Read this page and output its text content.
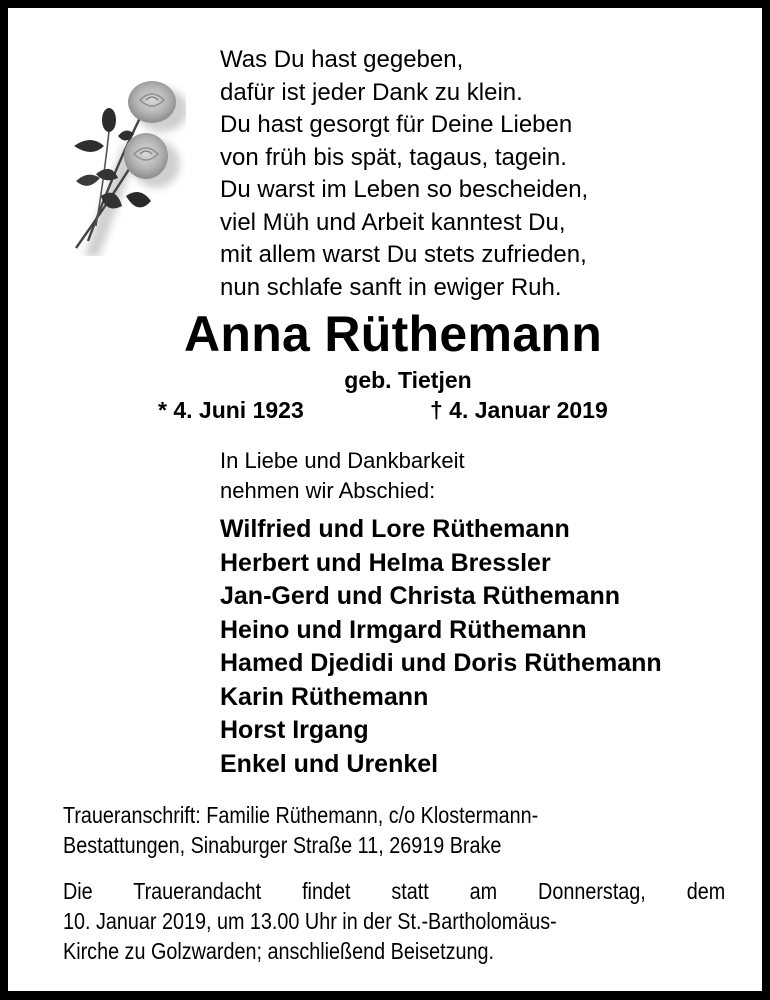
Was Du hast gegeben,
dafür ist jeder Dank zu klein.
Du hast gesorgt für Deine Lieben
von früh bis spät, tagaus, tagein.
Du warst im Leben so bescheiden,
viel Müh und Arbeit kanntest Du,
mit allem warst Du stets zufrieden,
nun schlafe sanft in ewiger Ruh.
Anna Rüthemann
geb. Tietjen
* 4. Juni 1923	† 4. Januar 2019
In Liebe und Dankbarkeit
nehmen wir Abschied:
Wilfried und Lore Rüthemann
Herbert und Helma Bressler
Jan-Gerd und Christa Rüthemann
Heino und Irmgard Rüthemann
Hamed Djedidi und Doris Rüthemann
Karin Rüthemann
Horst Irgang
Enkel und Urenkel
Traueranschrift: Familie Rüthemann, c/o Klostermann-
Bestattungen, Sinaburger Straße 11, 26919 Brake
Die Trauerandacht findet statt am Donnerstag, dem
10. Januar 2019, um 13.00 Uhr in der St.-Bartholomäus-
Kirche zu Golzwarden; anschließend Beisetzung.
